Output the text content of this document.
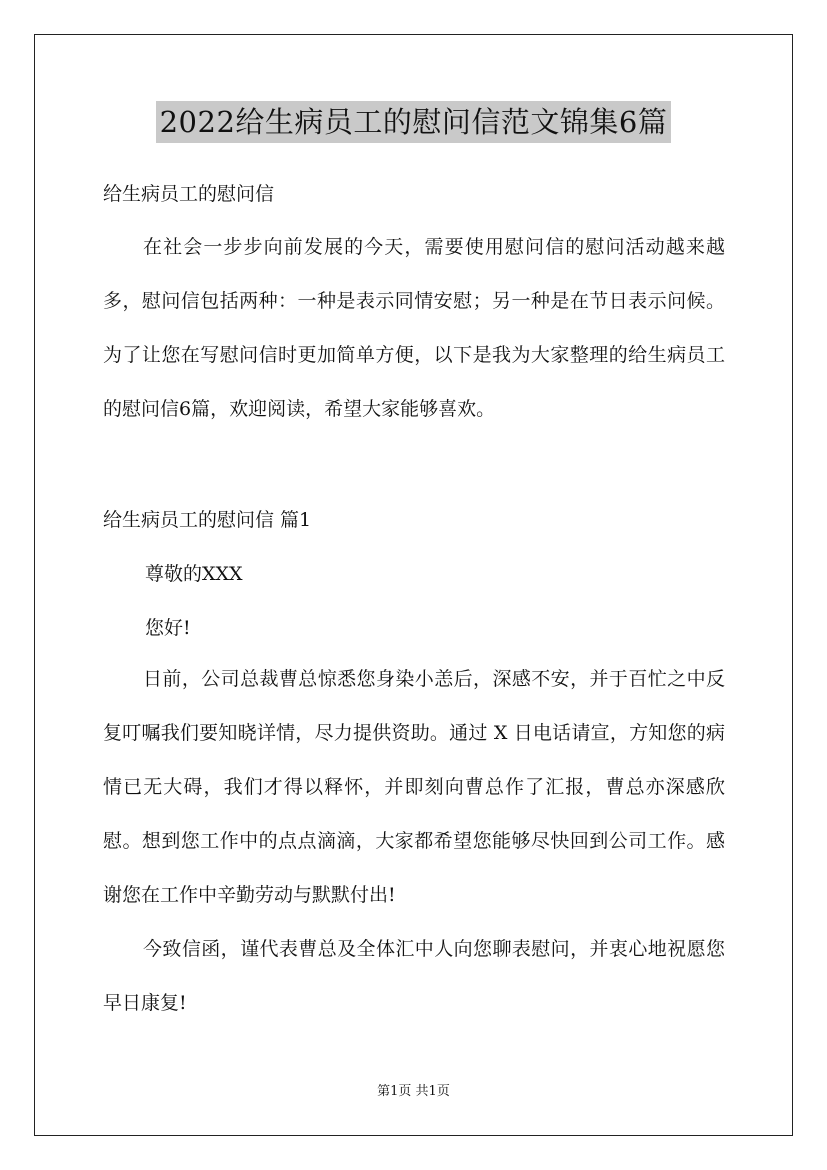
2022给生病员工的慰问信范文锦集6篇
给生病员工的慰问信
在社会一步步向前发展的今天，需要使用慰问信的慰问活动越来越多，慰问信包括两种：一种是表示同情安慰；另一种是在节日表示问候。为了让您在写慰问信时更加简单方便，以下是我为大家整理的给生病员工的慰问信6篇，欢迎阅读，希望大家能够喜欢。
给生病员工的慰问信 篇1
尊敬的XXX
您好!
日前，公司总裁曹总惊悉您身染小恙后，深感不安，并于百忙之中反复叮嘱我们要知晓详情，尽力提供资助。通过 X 日电话请宣，方知您的病情已无大碍，我们才得以释怀，并即刻向曹总作了汇报，曹总亦深感欣慰。想到您工作中的点点滴滴，大家都希望您能够尽快回到公司工作。感谢您在工作中辛勤劳动与默默付出!
今致信函，谨代表曹总及全体汇中人向您聊表慰问，并衷心地祝愿您早日康复!
第1页 共1页
